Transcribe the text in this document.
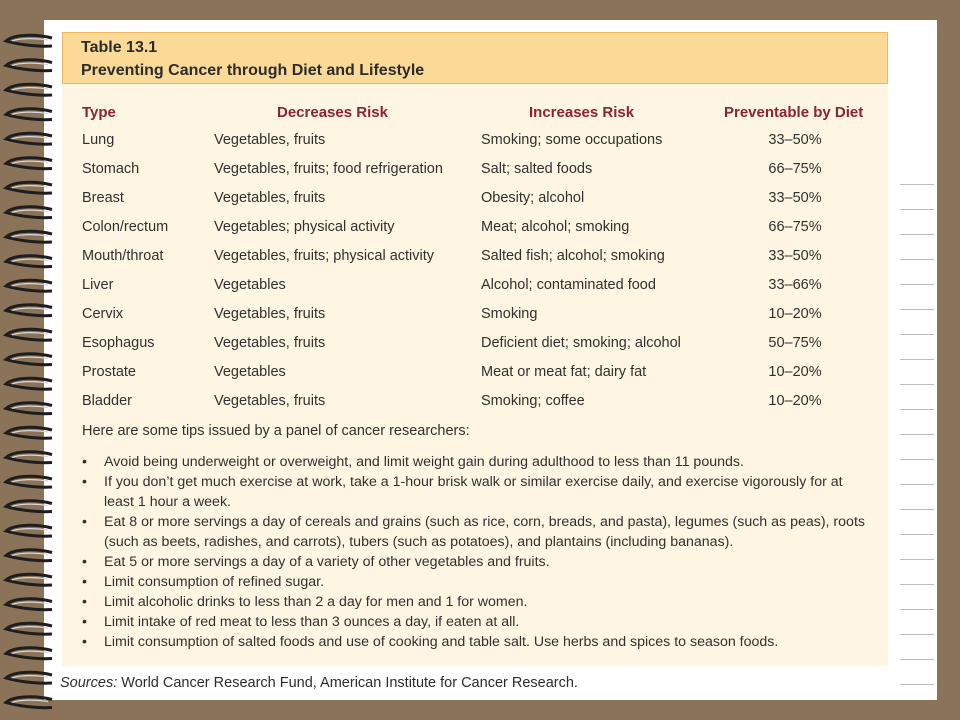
Table 13.1
Preventing Cancer through Diet and Lifestyle
Type	Decreases Risk	Increases Risk	Preventable by Diet
Lung	Vegetables, fruits	Smoking; some occupations	33–50%
Stomach	Vegetables, fruits; food refrigeration	Salt; salted foods	66–75%
Breast	Vegetables, fruits	Obesity; alcohol	33–50%
Colon/rectum	Vegetables; physical activity	Meat; alcohol; smoking	66–75%
Mouth/throat	Vegetables, fruits; physical activity	Salted fish; alcohol; smoking	33–50%
Liver	Vegetables	Alcohol; contaminated food	33–66%
Cervix	Vegetables, fruits	Smoking	10–20%
Esophagus	Vegetables, fruits	Deficient diet; smoking; alcohol	50–75%
Prostate	Vegetables	Meat or meat fat; dairy fat	10–20%
Bladder	Vegetables, fruits	Smoking; coffee	10–20%
Here are some tips issued by a panel of cancer researchers:
• Avoid being underweight or overweight, and limit weight gain during adulthood to less than 11 pounds.
• If you don’t get much exercise at work, take a 1-hour brisk walk or similar exercise daily, and exercise vigorously for at least 1 hour a week.
• Eat 8 or more servings a day of cereals and grains (such as rice, corn, breads, and pasta), legumes (such as peas), roots (such as beets, radishes, and carrots), tubers (such as potatoes), and plantains (including bananas).
• Eat 5 or more servings a day of a variety of other vegetables and fruits.
• Limit consumption of refined sugar.
• Limit alcoholic drinks to less than 2 a day for men and 1 for women.
• Limit intake of red meat to less than 3 ounces a day, if eaten at all.
• Limit consumption of salted foods and use of cooking and table salt. Use herbs and spices to season foods.
Sources: World Cancer Research Fund, American Institute for Cancer Research.
